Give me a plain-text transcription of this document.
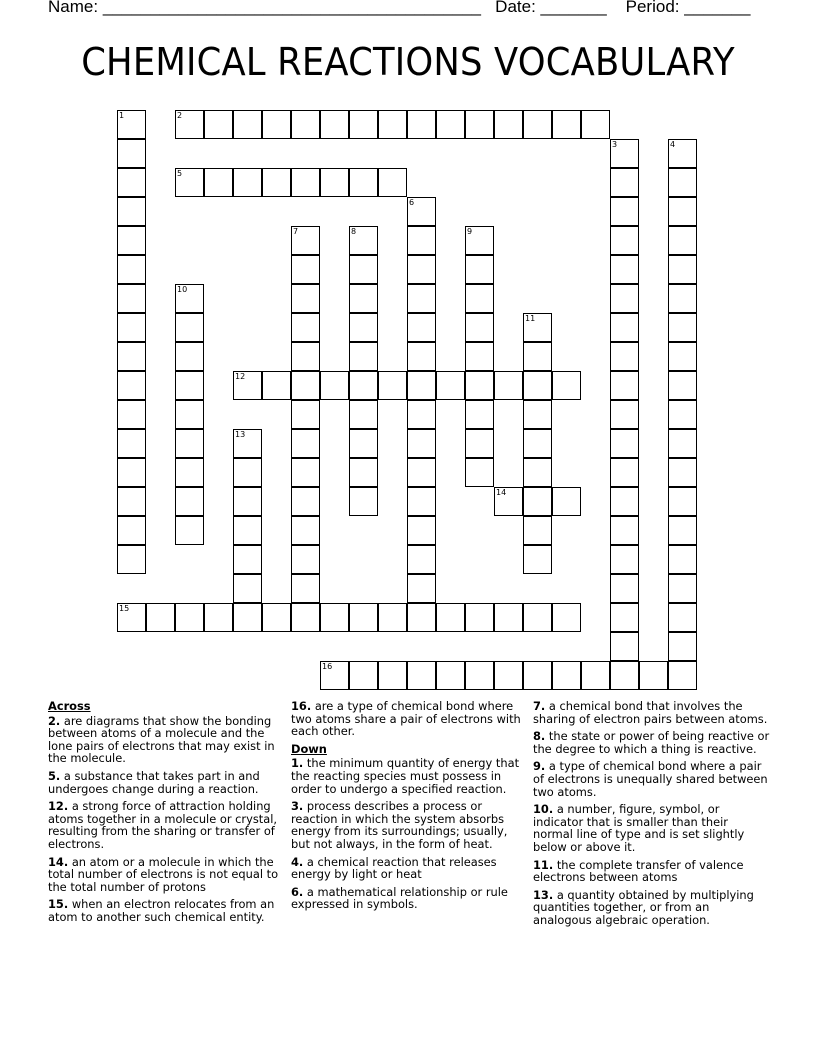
Name: ________________________________________ Date: _______ Period: _______
CHEMICAL REACTIONS VOCABULARY
2
5
12
14
15
16
1
3	4
6
7	8	9
10
11
13
Across
2. are diagrams that show the bonding between atoms of a molecule and the lone pairs of electrons that may exist in the molecule.
5. a substance that takes part in and undergoes change during a reaction.
12. a strong force of attraction holding atoms together in a molecule or crystal, resulting from the sharing or transfer of electrons.
14. an atom or a molecule in which the total number of electrons is not equal to the total number of protons
15. when an electron relocates from an atom to another such chemical entity.
16. are a type of chemical bond where two atoms share a pair of electrons with each other.
Down
1. the minimum quantity of energy that the reacting species must possess in order to undergo a specified reaction.
3. process describes a process or reaction in which the system absorbs energy from its surroundings; usually, but not always, in the form of heat.
4. a chemical reaction that releases energy by light or heat
6. a mathematical relationship or rule expressed in symbols.
7. a chemical bond that involves the sharing of electron pairs between atoms.
8. the state or power of being reactive or the degree to which a thing is reactive.
9. a type of chemical bond where a pair of electrons is unequally shared between two atoms.
10. a number, figure, symbol, or indicator that is smaller than their normal line of type and is set slightly below or above it.
11. the complete transfer of valence electrons between atoms
13. a quantity obtained by multiplying quantities together, or from an analogous algebraic operation.
